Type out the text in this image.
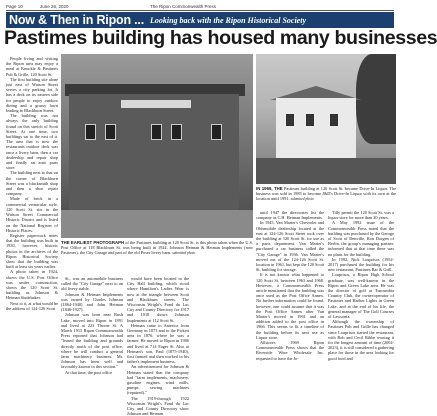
Page 10	June 26, 2020	The Ripon Commonwealth Press
Now & Then in Ripon ... Looking back with the Ripon Historical Society
Pastimes building has housed many businesses

People living and visiting the Ripon area may enjoy a meal at Knuckle & Pastimes Pub & Grille, 120 Scott St.

The first building site alone just east of Watson Street serves a city parking lot. It has a deck on its eastern side for people to enjoy outdoor dining and a grassy lawn leading to Blackburn Street.

The building was not always the only building found on this stretch of Scott Street. At one time, two buildings sat to the east of it. The area that is now the restaurants outdoor deck was once a livery barn, then a car dealership and repair shop and finally an auto parts store.

The building next to that on the corner of Blackburn Street was a blacksmith shop and then a shoe repair company.

Made of brick in a commercial vernacular style, 120 Scott St. sits in the Watson Street Commercial Historic District and is listed on the National Register of Historic Places.

Register paperwork notes that the building was built in 1930, however, historic photos in the archives of the Ripon Historical Society show that the building was built at least six years earlier.

A photo taken in 1924, shows the U.S. Post Office was under construction, shows the 120 Scott St. building as Johnson & Heiman Studebaker.

Next to it, at what would be the address of 124-126 Scott

THE EARLIEST PHOTOGRAPH of the Pastimes building at 120 Scott St. is this photo taken when the U.S. Post Office at 118 Blackburn St. was being built in 1924. Johnson Heiman & Heiman Implements (now Pastimes), the City Garage and part of the old Poser livery barn. submitted photo

St., was an automobile business called the "City Garage" next to an old livery stable.

Johnson & Heiman Implements was owned by Charles Johnson (1864-1940) and John Heiman (1846-1927).

Johnson was born near Rush Lake, moved into Ripon in 1891 and lived at 223 Thorne St. A March 1915 Ripon Commonwealth Press reported that Johnson had "leased the building and grounds directly north of the post office, where he will conduct a general farm machinery business. Mr. Johnson has been well and favorably known in this section."

At that time, the post office

would have been located in the City Hall building, which stood where Hamilton's Ladies Wear is now at the triangle between Scott and Blackburn streets. The Wisconsin Wright's Fond du Lac City and County Directory for 1917 and 1918 shows Johnson Implements at 112 Scott St.

Heiman came to America from Germany in 1873 and to the Pickett area in 1876, where he was a farmer. He moved to Ripon in 1906 and lived at 714 Eager St. Also at Heiman's son, Paul (1875-1940), first farmed and then worked in his father's implement business.

An advertisement for Johnson & Heiman stated that the company had "farm implements, machinery, gasoline engines, wind mills, pumps, sewing machines (repaired)."

The 1919-through 1922 Wisconsin Wright's Fond du Lac City and County Directory show Johnson and Heiman

IN 1969, THE Pastimes building at 120 Scott St. became Drive-In Liquor. The business was sold in 1985 to become J&D's Drive-In Liquor with its own at the location until 1991. submitted photo

until 1947 the directories list the company as C.H. Heiman Implements.

In 1945, Van Marter's Chevrolet and Oldsmobile dealership located at the east at 124-126 Scott Street took over the building at 120 Scott St. for use as a parts department. Van Marter's purchased a car business called the "City Garage" in 1936. Van Marter's moved out of the 124-126 Scott St. location in 1961, but kept the 120 Scott St. building for storage.

It is not known what happened to 120 Scott St. between 1963 and 1968. However, a Commonwealth Press article mentioned that the building was once used as the Post Office Annex. No further information could be found, however, one could assume that it was the Post Office Annex after Van Marter's moved in 1961 and an addition added to the post office in 1966. This seems to fit a timeline of the building before its next use as Liquor store.

Allstores 1969 Ripon Commonwealth Press shows that the Riverside Wine Wholesale Inc. requested to have the Jo-

Tilly permit the 120 Scott St. was a liquor store for more than 20 years.

A May 1992 issue of the Commonwealth Press noted that the building was purchased by the George of Scott of Denville, Ron Dorgen of Berlin, the group's managing partner, informed that at that time there was no plans for the building.

In 1992, Nick Louprisos (1952-2017) purchased the building for his new restaurant, Pastimes Bar & Grill.

Louprisos, a Ripon High School graduate, was well-known in the Ripon and Green Lake area. He was the director of golf at Tuscumbia Country Club, the owner/operator of Pastimes and Harbor Lights in Green Lake, and at the end of his life, the general manager of The Golf Courses of Lawsonia.

Although the ownership of Pastimes Pub and Grille has changed since Louprisos started the restaurant, with Bob and Cecil Ribbe owning it for the longest amount of time (2002-2023), it is still considered a gathering place for those in the area looking for good food and
